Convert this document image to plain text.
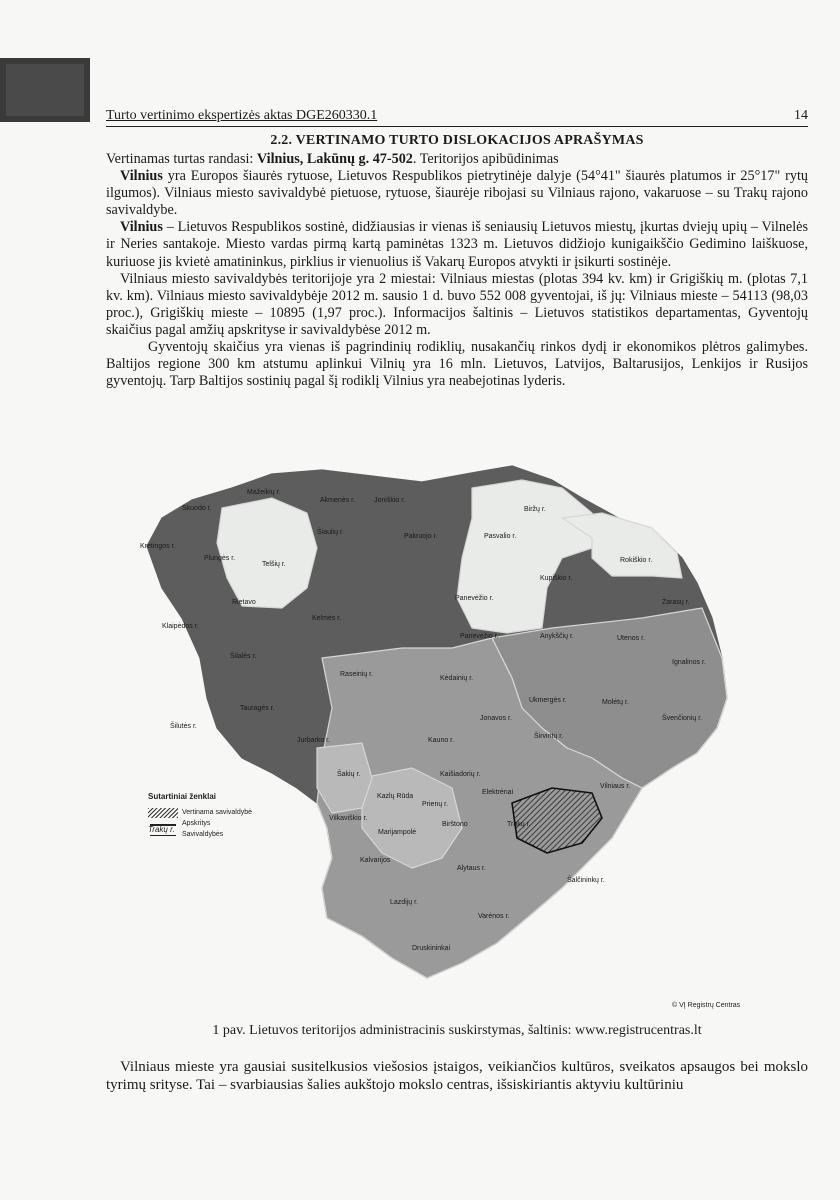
Turto vertinimo ekspertizės aktas DGE260330.1	14
2.2. VERTINAMO TURTO DISLOKACIJOS APRAŠYMAS

Vertinamas turtas randasi: Vilnius, Lakūnų g. 47-502. Teritorijos apibūdinimas

Vilnius yra Europos šiaurės rytuose, Lietuvos Respublikos pietrytinėje dalyje (54°41" šiaurės platumos ir 25°17" rytų ilgumos). Vilniaus miesto savivaldybė pietuose, rytuose, šiaurėje ribojasi su Vilniaus rajono, vakaruose – su Trakų rajono savivaldybe.

Vilnius – Lietuvos Respublikos sostinė, didžiausias ir vienas iš seniausių Lietuvos miestų, įkurtas dviejų upių – Vilnelės ir Neries santakoje. Miesto vardas pirmą kartą paminėtas 1323 m. Lietuvos didžiojo kunigaikščio Gedimino laiškuose, kuriuose jis kvietė amatininkus, pirklius ir vienuolius iš Vakarų Europos atvykti ir įsikurti sostinėje.

Vilniaus miesto savivaldybės teritorijoje yra 2 miestai: Vilniaus miestas (plotas 394 kv. km) ir Grigiškių m. (plotas 7,1 kv. km). Vilniaus miesto savivaldybėje 2012 m. sausio 1 d. buvo 552 008 gyventojai, iš jų: Vilniaus mieste – 54113 (98,03 proc.), Grigiškių mieste – 10895 (1,97 proc.). Informacijos šaltinis – Lietuvos statistikos departamentas, Gyventojų skaičius pagal amžių apskrityse ir savivaldybėse 2012 m.

Gyventojų skaičius yra vienas iš pagrindinių rodiklių, nusakančių rinkos dydį ir ekonomikos plėtros galimybes. Baltijos regione 300 km atstumu aplinkui Vilnių yra 16 mln. Lietuvos, Latvijos, Baltarusijos, Lenkijos ir Rusijos gyventojų. Tarp Baltijos sostinių pagal šį rodiklį Vilnius yra neabejotinas lyderis.

Mažeikių r.
Akmenės r.	Joniškio r.
Biržų r.
Skuodo r.
Šiaulių r.
Pakruojo r.	Pasvalio r.
Rokiškio r.
Plungės r.
Telšių r.
Kupiškio r.
Kretingos r.
Rietavo
Panevėžio r.
Zarasų r.
Kelmės r.
Panevėžio r.	Anykščių r.	Utenos r.
Ignalinos r.
Klaipėdos r.
Šilalės r.
Raseinių r.
Kėdainių r.
Ukmergės r.	Molėtų r.
Švenčionių r.
Tauragės r.
Jonavos r.
Širvintų r.
Šilutės r.
Jurbarko r.	Kauno r.
Šakių r.	Kaišiadorių r.
Vilniaus r.
Kazlų Rūda
Prienų r.
Elektrėnai
Vilkaviškio r.
Marijampolė
Trakų r.
Birštono
Kalvarijos
Alytaus r.
Šalčininkų r.
Lazdijų r.
Varėnos r.
Druskininkai
Sutartiniai ženklai
Vertinama savivaldybė
Apskritys
Trakų r.
Savivaldybės
© VĮ Registrų Centras
1 pav. Lietuvos teritorijos administracinis suskirstymas, šaltinis: www.registrucentras.lt

Vilniaus mieste yra gausiai susitelkusios viešosios įstaigos, veikiančios kultūros, sveikatos apsaugos bei mokslo tyrimų srityse. Tai – svarbiausias šalies aukštojo mokslo centras, išsiskiriantis aktyviu kultūriniu
